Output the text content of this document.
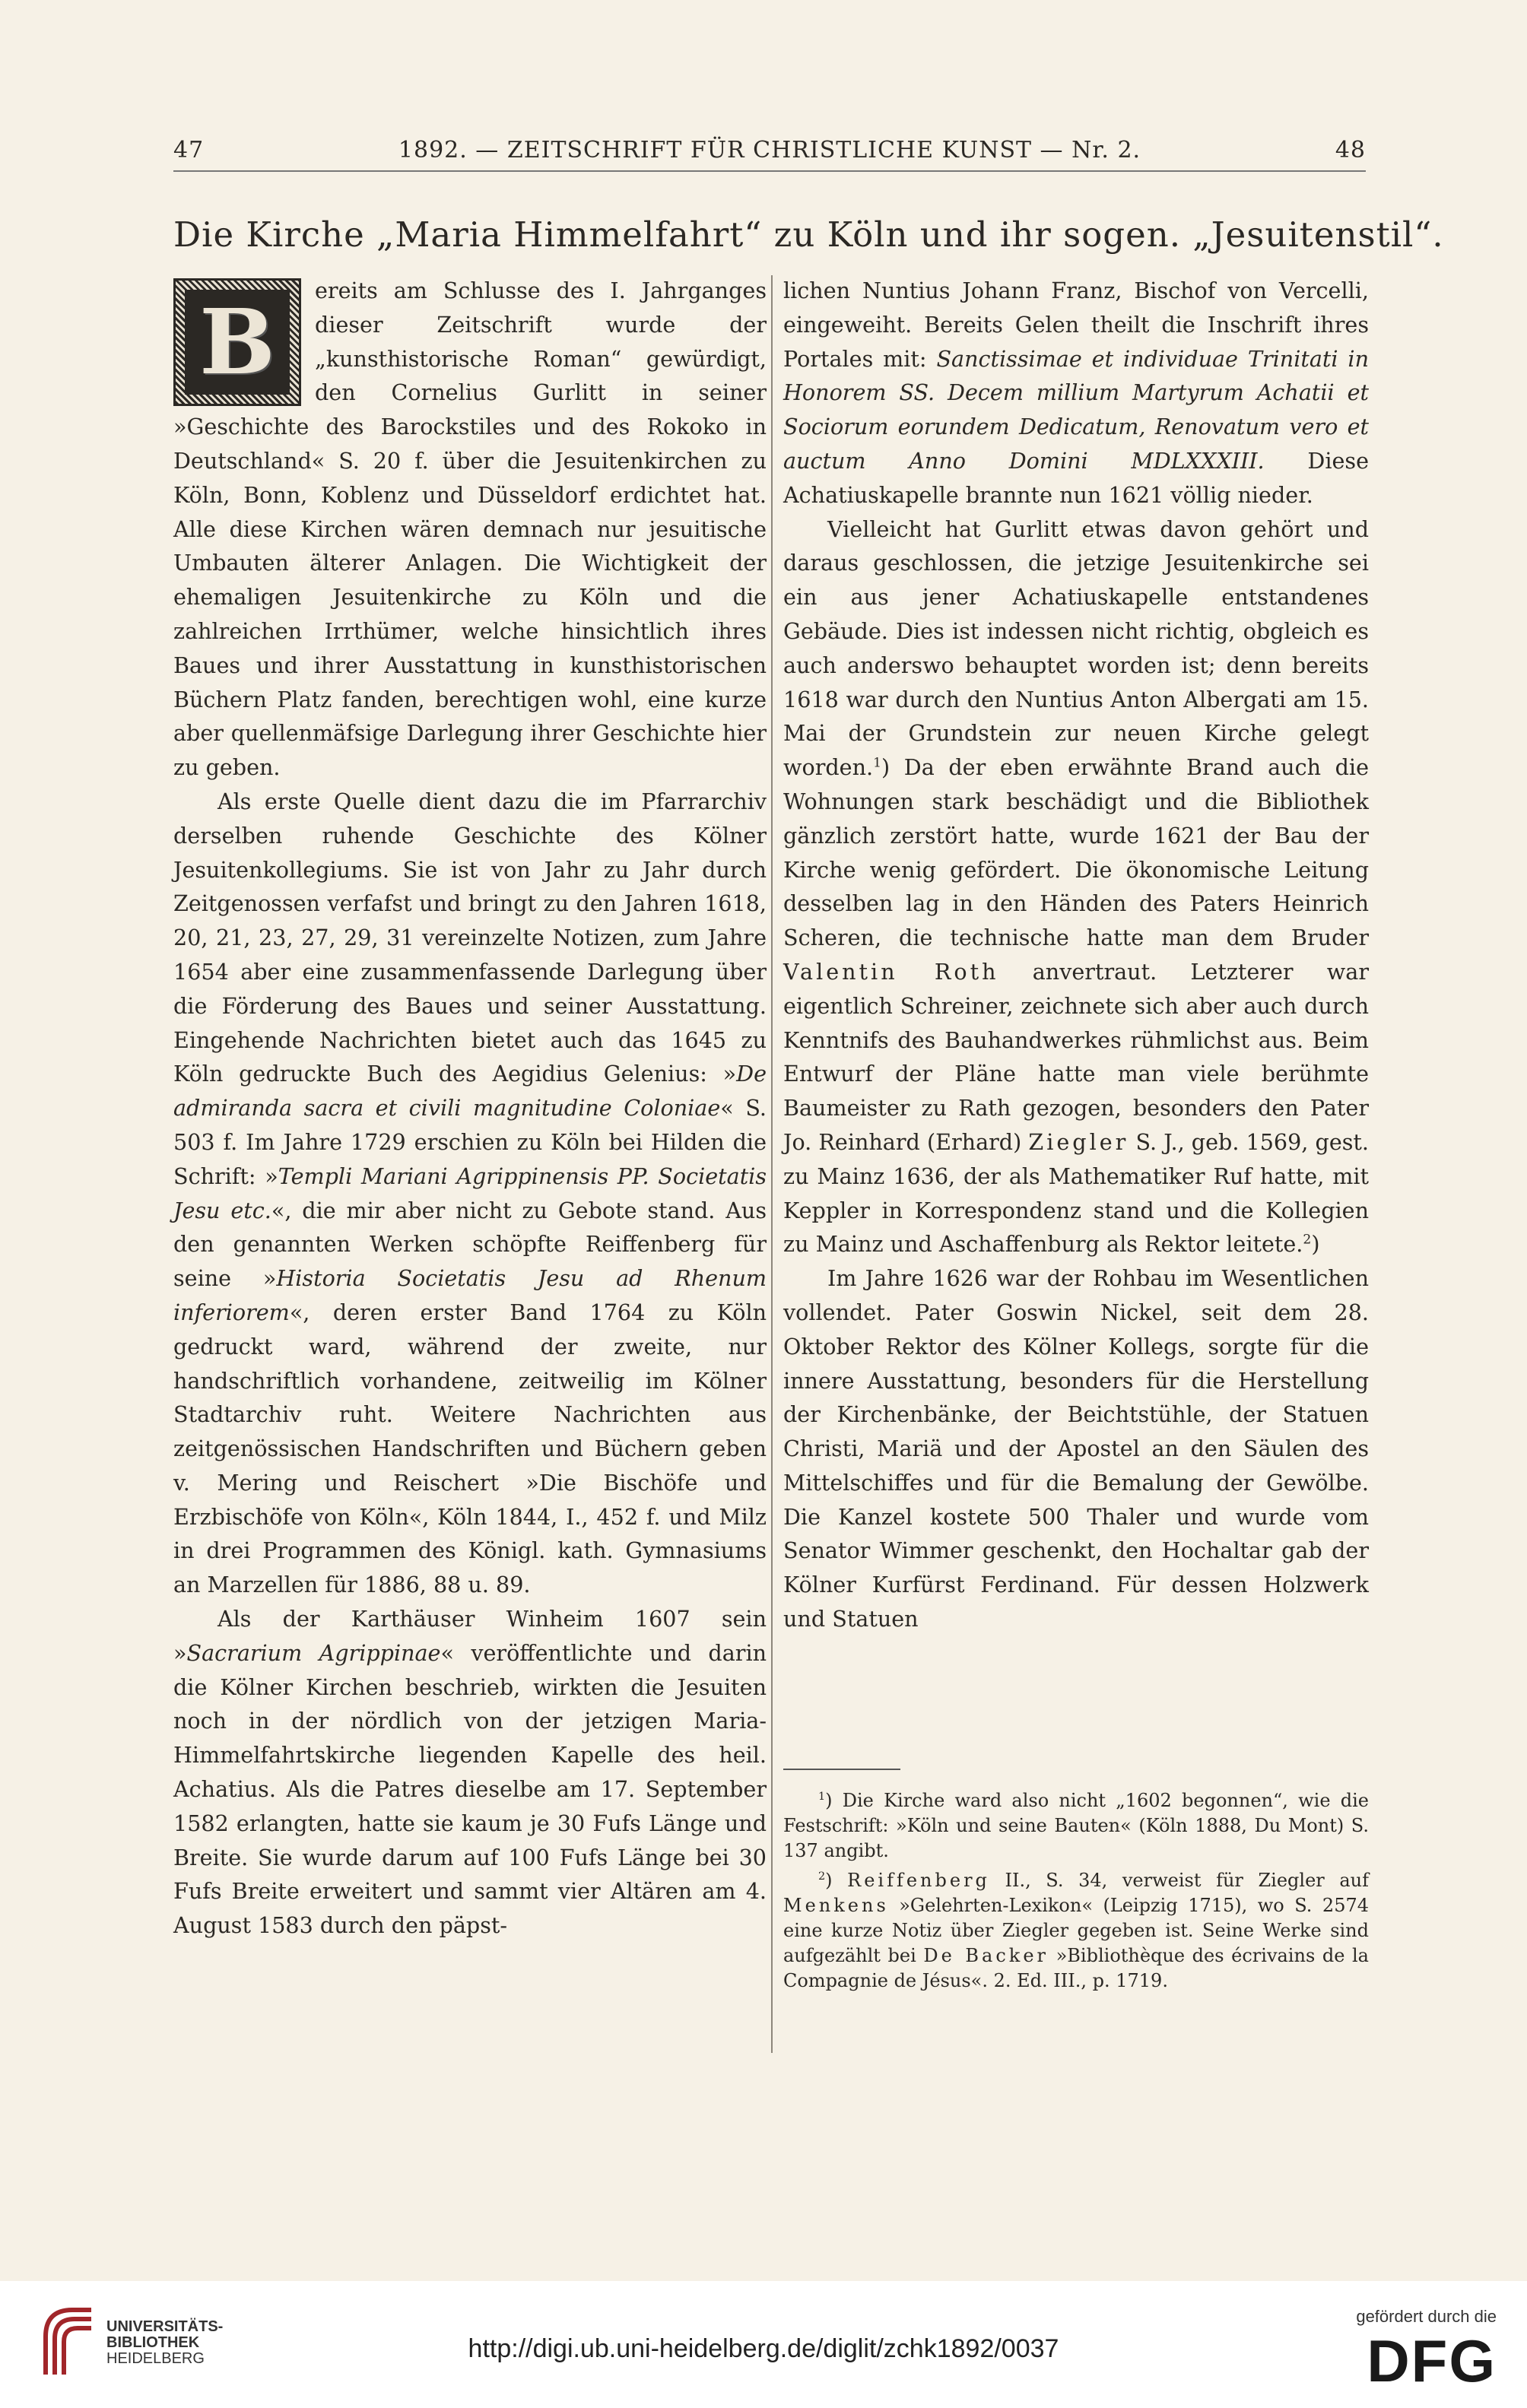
47	1892. — ZEITSCHRIFT FÜR CHRISTLICHE KUNST — Nr. 2.	48
Die Kirche „Maria Himmelfahrt“ zu Köln und ihr sogen. „Jesuitenstil“.
B	ereits am Schlusse des I. Jahrganges dieser Zeitschrift wurde der „kunsthistorische Roman“ gewürdigt, den Cornelius Gurlitt in seiner »Geschichte des Barockstiles und des Rokoko in Deutschland« S. 20 f. über die Jesuitenkirchen zu Köln, Bonn, Koblenz und Düsseldorf erdichtet hat. Alle diese Kirchen wären demnach nur jesuitische Umbauten älterer Anlagen. Die Wichtigkeit der ehemaligen Jesuitenkirche zu Köln und die zahlreichen Irrthümer, welche hinsichtlich ihres Baues und ihrer Ausstattung in kunsthistorischen Büchern Platz fanden, berechtigen wohl, eine kurze aber quellenmäfsige Darlegung ihrer Geschichte hier zu geben.

Als erste Quelle dient dazu die im Pfarrarchiv derselben ruhende Geschichte des Kölner Jesuitenkollegiums. Sie ist von Jahr zu Jahr durch Zeitgenossen verfafst und bringt zu den Jahren 1618, 20, 21, 23, 27, 29, 31 vereinzelte Notizen, zum Jahre 1654 aber eine zusammenfassende Darlegung über die Förderung des Baues und seiner Ausstattung. Eingehende Nachrichten bietet auch das 1645 zu Köln gedruckte Buch des Aegidius Gelenius: »De admiranda sacra et civili magnitudine Coloniae« S. 503 f. Im Jahre 1729 erschien zu Köln bei Hilden die Schrift: »Templi Mariani Agrippinensis PP. Societatis Jesu etc.«, die mir aber nicht zu Gebote stand. Aus den genannten Werken schöpfte Reiffenberg für seine »Historia Societatis Jesu ad Rhenum inferiorem«, deren erster Band 1764 zu Köln gedruckt ward, während der zweite, nur handschriftlich vorhandene, zeitweilig im Kölner Stadtarchiv ruht. Weitere Nachrichten aus zeitgenössischen Handschriften und Büchern geben v. Mering und Reischert »Die Bischöfe und Erzbischöfe von Köln«, Köln 1844, I., 452 f. und Milz in drei Programmen des Königl. kath. Gymnasiums an Marzellen für 1886, 88 u. 89.

Als der Karthäuser Winheim 1607 sein »Sacrarium Agrippinae« veröffentlichte und darin die Kölner Kirchen beschrieb, wirkten die Jesuiten noch in der nördlich von der jetzigen Maria-Himmelfahrtskirche liegenden Kapelle des heil. Achatius. Als die Patres dieselbe am 17. September 1582 erlangten, hatte sie kaum je 30 Fufs Länge und Breite. Sie wurde darum auf 100 Fufs Länge bei 30 Fufs Breite erweitert und sammt vier Altären am 4. August 1583 durch den päpst-

lichen Nuntius Johann Franz, Bischof von Vercelli, eingeweiht. Bereits Gelen theilt die Inschrift ihres Portales mit: Sanctissimae et individuae Trinitati in Honorem SS. Decem millium Martyrum Achatii et Sociorum eorundem Dedicatum, Renovatum vero et auctum Anno Domini MDLXXXIII. Diese Achatiuskapelle brannte nun 1621 völlig nieder.

Vielleicht hat Gurlitt etwas davon gehört und daraus geschlossen, die jetzige Jesuitenkirche sei ein aus jener Achatiuskapelle entstandenes Gebäude. Dies ist indessen nicht richtig, obgleich es auch anderswo behauptet worden ist; denn bereits 1618 war durch den Nuntius Anton Albergati am 15. Mai der Grundstein zur neuen Kirche gelegt worden.$^1$) Da der eben erwähnte Brand auch die Wohnungen stark beschädigt und die Bibliothek gänzlich zerstört hatte, wurde 1621 der Bau der Kirche wenig gefördert. Die ökonomische Leitung desselben lag in den Händen des Paters Heinrich Scheren, die technische hatte man dem Bruder Valentin Roth anvertraut. Letzterer war eigentlich Schreiner, zeichnete sich aber auch durch Kenntnifs des Bauhandwerkes rühmlichst aus. Beim Entwurf der Pläne hatte man viele berühmte Baumeister zu Rath gezogen, besonders den Pater Jo. Reinhard (Erhard) Ziegler S. J., geb. 1569, gest. zu Mainz 1636, der als Mathematiker Ruf hatte, mit Keppler in Korrespondenz stand und die Kollegien zu Mainz und Aschaffenburg als Rektor leitete.$^2$)

Im Jahre 1626 war der Rohbau im Wesentlichen vollendet. Pater Goswin Nickel, seit dem 28. Oktober Rektor des Kölner Kollegs, sorgte für die innere Ausstattung, besonders für die Herstellung der Kirchenbänke, der Beichtstühle, der Statuen Christi, Mariä und der Apostel an den Säulen des Mittelschiffes und für die Bemalung der Gewölbe. Die Kanzel kostete 500 Thaler und wurde vom Senator Wimmer geschenkt, den Hochaltar gab der Kölner Kurfürst Ferdinand. Für dessen Holzwerk und Statuen

$^1$) Die Kirche ward also nicht „1602 begonnen“, wie die Festschrift: »Köln und seine Bauten« (Köln 1888, Du Mont) S. 137 angibt.

$^2$) Reiffenberg II., S. 34, verweist für Ziegler auf Menkens »Gelehrten-Lexikon« (Leipzig 1715), wo S. 2574 eine kurze Notiz über Ziegler gegeben ist. Seine Werke sind aufgezählt bei De Backer »Bibliothèque des écrivains de la Compagnie de Jésus«. 2. Ed. III., p. 1719.

UNIVERSITÄTS-
BIBLIOTHEK
HEIDELBERG	http://digi.ub.uni-heidelberg.de/diglit/zchk1892/0037
gefördert durch die
DFG
